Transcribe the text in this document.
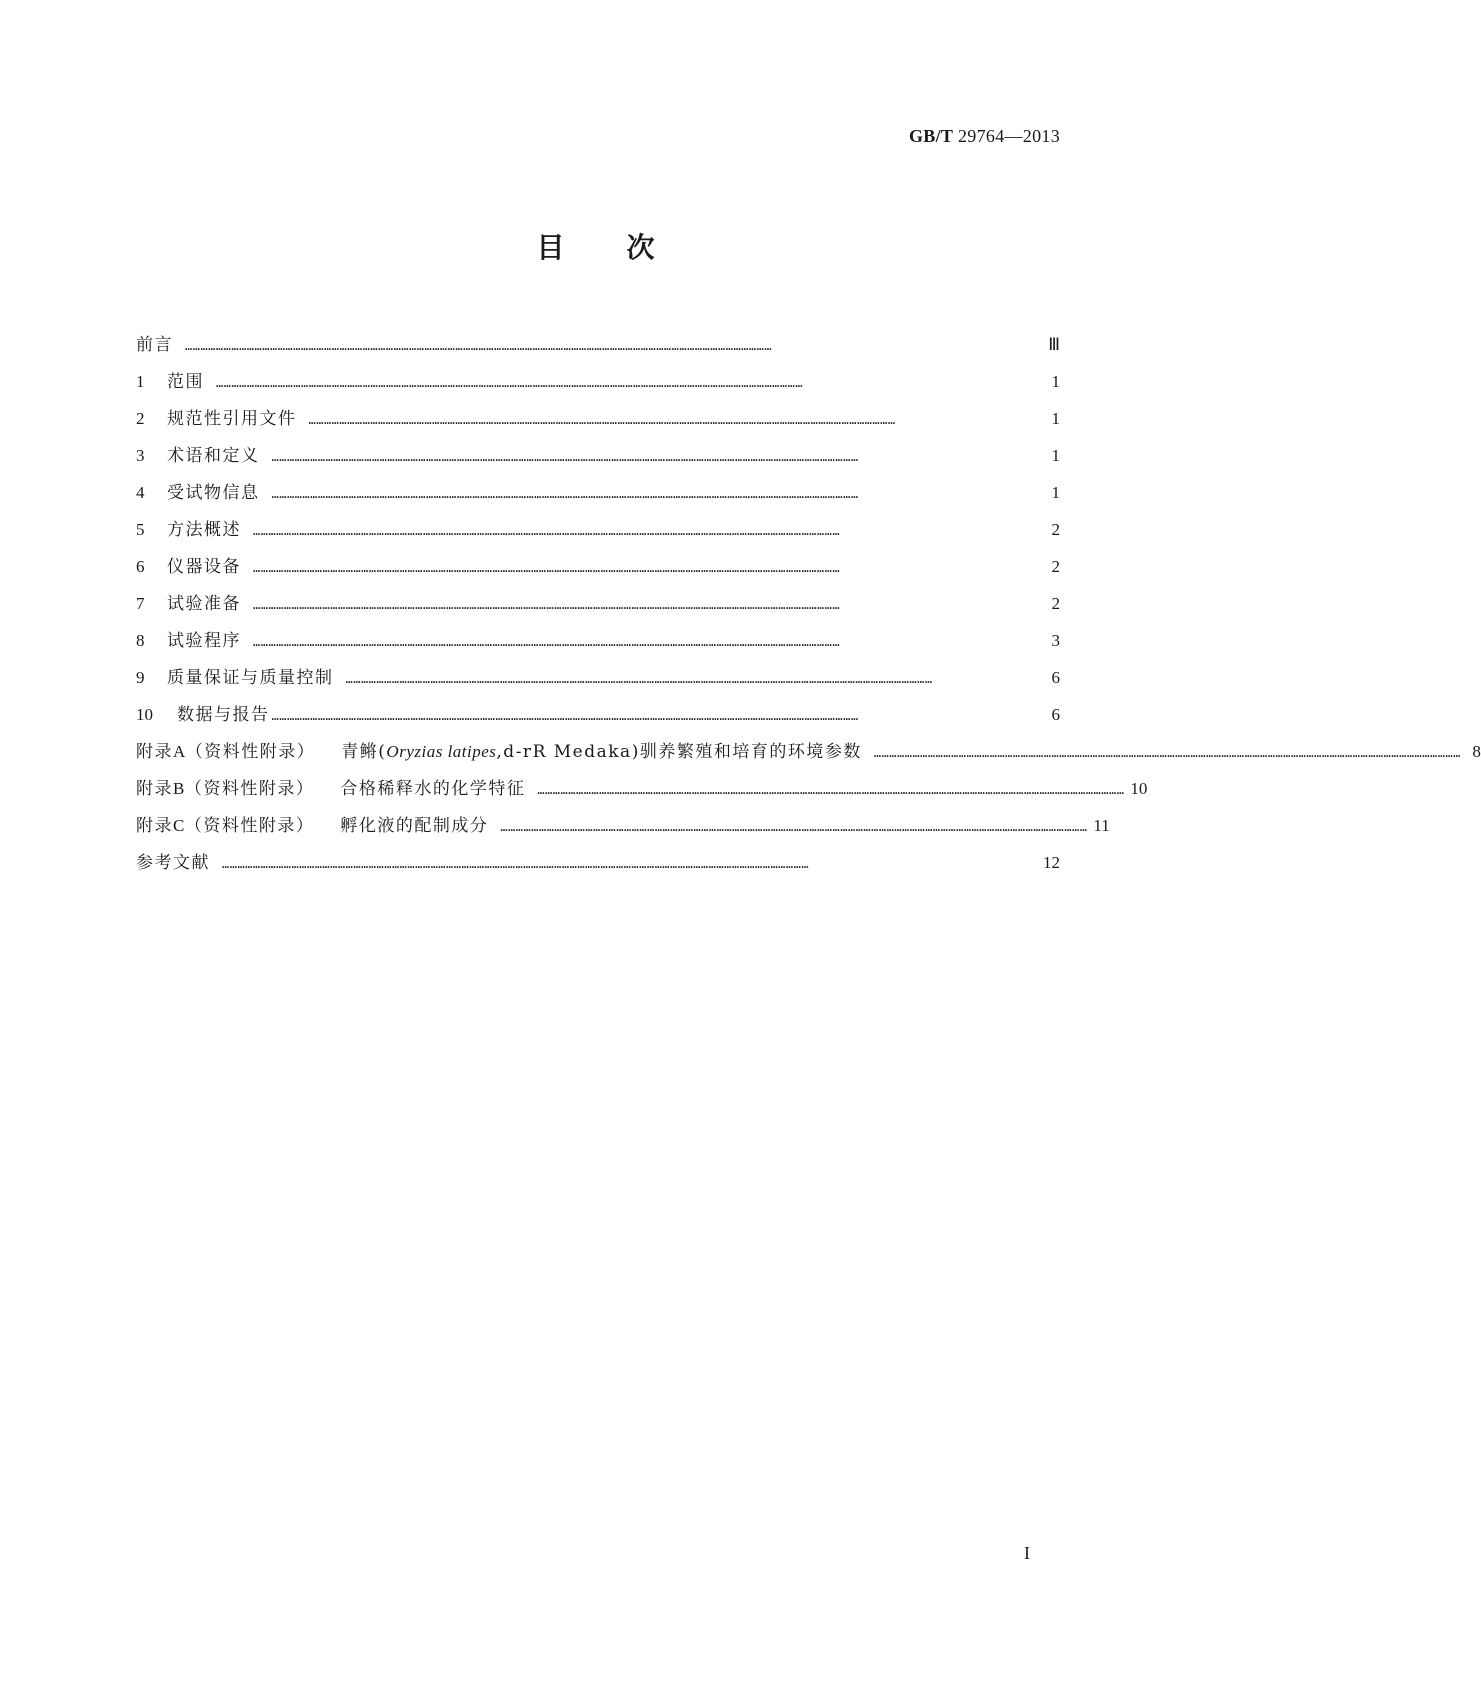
GB/T 29764—2013
目次
前言 …………………………………………………………………………………………………………………………………………………………………………………………………………	Ⅲ
1	范围 …………………………………………………………………………………………………………………………………………………………………………………………………………	1
2	规范性引用文件 …………………………………………………………………………………………………………………………………………………………………………………………………………	1
3	术语和定义 …………………………………………………………………………………………………………………………………………………………………………………………………………	1
4	受试物信息 …………………………………………………………………………………………………………………………………………………………………………………………………………	1
5	方法概述 …………………………………………………………………………………………………………………………………………………………………………………………………………	2
6	仪器设备 …………………………………………………………………………………………………………………………………………………………………………………………………………	2
7	试验准备 …………………………………………………………………………………………………………………………………………………………………………………………………………	2
8	试验程序 …………………………………………………………………………………………………………………………………………………………………………………………………………	3
9	质量保证与质量控制 …………………………………………………………………………………………………………………………………………………………………………………………………………	6
10	数据与报告 …………………………………………………………………………………………………………………………………………………………………………………………………………	6
附录A（资料性附录） 青鳉(Oryzias latipes,d-rR Medaka)驯养繁殖和培育的环境参数 ………………………………………………………………………………………………………………………………………………………………………………………………………… 8
附录B（资料性附录） 合格稀释水的化学特征 ………………………………………………………………………………………………………………………………………………………………………………………………………… 10
附录C（资料性附录） 孵化液的配制成分 ………………………………………………………………………………………………………………………………………………………………………………………………………… 11
参考文献 …………………………………………………………………………………………………………………………………………………………………………………………………………	12
I
